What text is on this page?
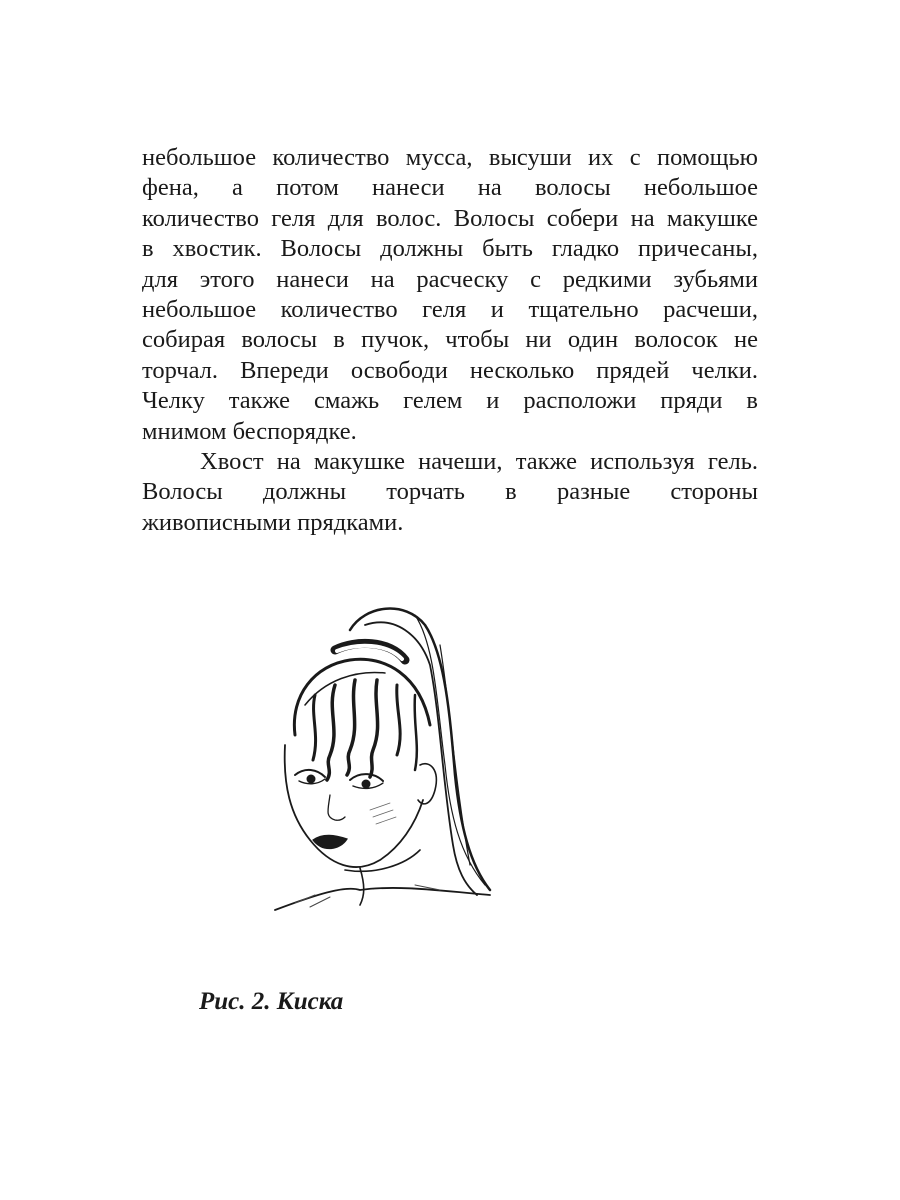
небольшое количество мусса, высуши их с помощью
фена, а потом нанеси на волосы небольшое
количество геля для волос. Волосы собери на макушке
в хвостик. Волосы должны быть гладко причесаны,
для этого нанеси на расческу с редкими зубьями
небольшое количество геля и тщательно расчеши,
собирая волосы в пучок, чтобы ни один волосок не
торчал. Впереди освободи несколько прядей челки.
Челку также смажь гелем и расположи пряди в
мнимом беспорядке.
Хвост на макушке начеши, также используя гель.
Волосы должны торчать в разные стороны
живописными прядками.
Рис. 2. Киска
